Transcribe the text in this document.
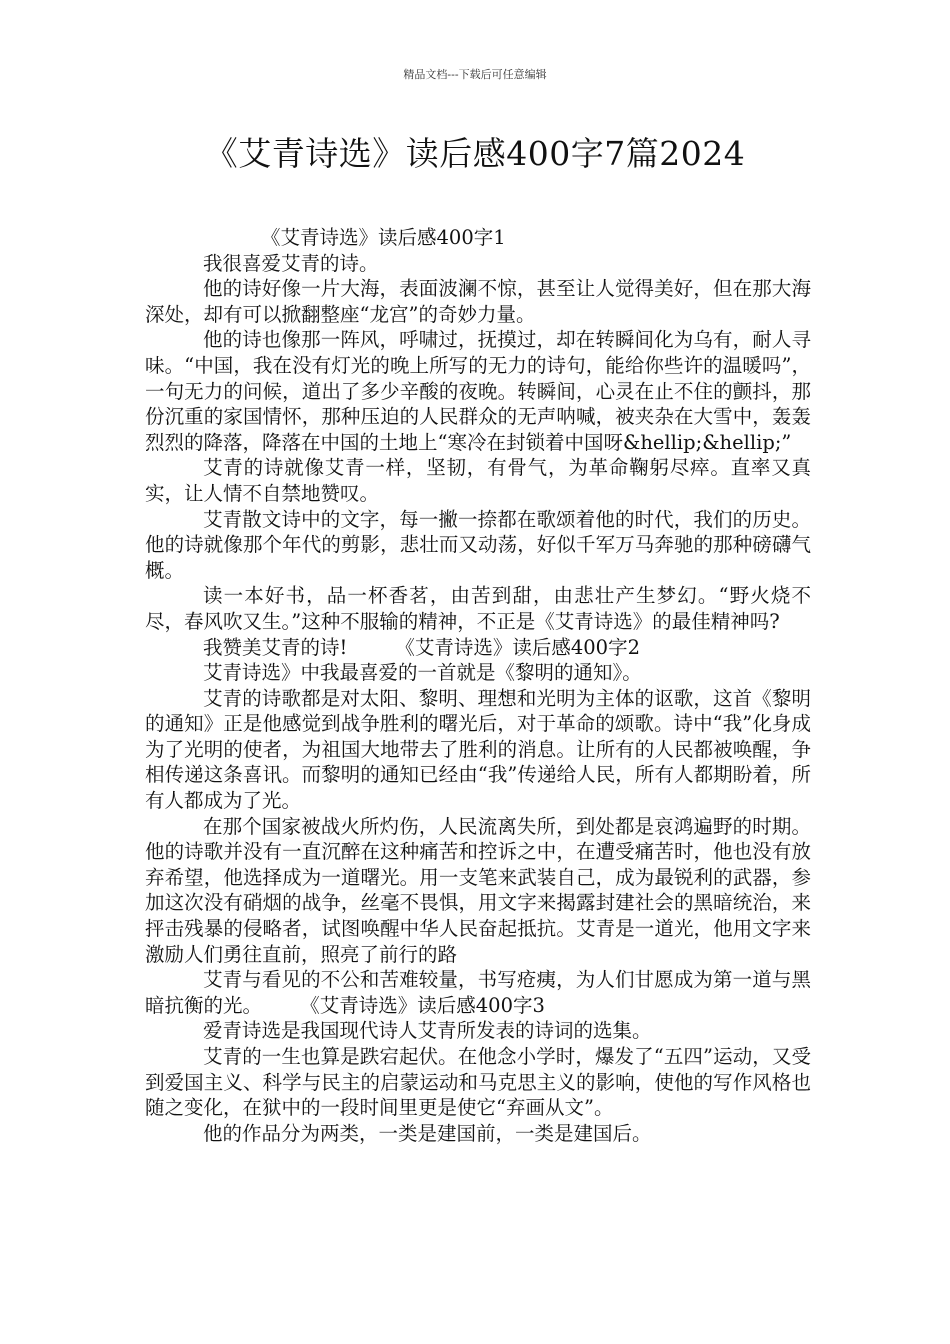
精品文档---下载后可任意编辑
《艾青诗选》读后感400字7篇2024

《艾青诗选》读后感400字1

我很喜爱艾青的诗。

他的诗好像一片大海，表面波澜不惊，甚至让人觉得美好，但在那大海深处，却有可以掀翻整座“龙宫”的奇妙力量。

他的诗也像那一阵风，呼啸过，抚摸过，却在转瞬间化为乌有，耐人寻味。“中国，我在没有灯光的晚上所写的无力的诗句，能给你些许的温暖吗”，一句无力的问候，道出了多少辛酸的夜晚。转瞬间，心灵在止不住的颤抖，那份沉重的家国情怀，那种压迫的人民群众的无声呐喊，被夹杂在大雪中，轰轰烈烈的降落，降落在中国的土地上“寒冷在封锁着中国呀&hellip;&hellip;”

艾青的诗就像艾青一样，坚韧，有骨气，为革命鞠躬尽瘁。直率又真实，让人情不自禁地赞叹。

艾青散文诗中的文字，每一撇一捺都在歌颂着他的时代，我们的历史。他的诗就像那个年代的剪影，悲壮而又动荡，好似千军万马奔驰的那种磅礴气概。

读一本好书，品一杯香茗，由苦到甜，由悲壮产生梦幻。“野火烧不尽，春风吹又生。”这种不服输的精神，不正是《艾青诗选》的最佳精神吗?

我赞美艾青的诗! 《艾青诗选》读后感400字2

艾青诗选》中我最喜爱的一首就是《黎明的通知》。

艾青的诗歌都是对太阳、黎明、理想和光明为主体的讴歌，这首《黎明的通知》正是他感觉到战争胜利的曙光后，对于革命的颂歌。诗中“我”化身成为了光明的使者，为祖国大地带去了胜利的消息。让所有的人民都被唤醒，争相传递这条喜讯。而黎明的通知已经由“我”传递给人民，所有人都期盼着，所有人都成为了光。

在那个国家被战火所灼伤，人民流离失所，到处都是哀鸿遍野的时期。他的诗歌并没有一直沉醉在这种痛苦和控诉之中，在遭受痛苦时，他也没有放弃希望，他选择成为一道曙光。用一支笔来武装自己，成为最锐利的武器，参加这次没有硝烟的战争，丝毫不畏惧，用文字来揭露封建社会的黑暗统治，来抨击残暴的侵略者，试图唤醒中华人民奋起抵抗。艾青是一道光，他用文字来激励人们勇往直前，照亮了前行的路

艾青与看见的不公和苦难较量，书写疮痍，为人们甘愿成为第一道与黑暗抗衡的光。 《艾青诗选》读后感400字3

爱青诗选是我国现代诗人艾青所发表的诗词的选集。

艾青的一生也算是跌宕起伏。在他念小学时，爆发了“五四”运动，又受到爱国主义、科学与民主的启蒙运动和马克思主义的影响，使他的写作风格也随之变化，在狱中的一段时间里更是使它“弃画从文”。

他的作品分为两类，一类是建国前，一类是建国后。
